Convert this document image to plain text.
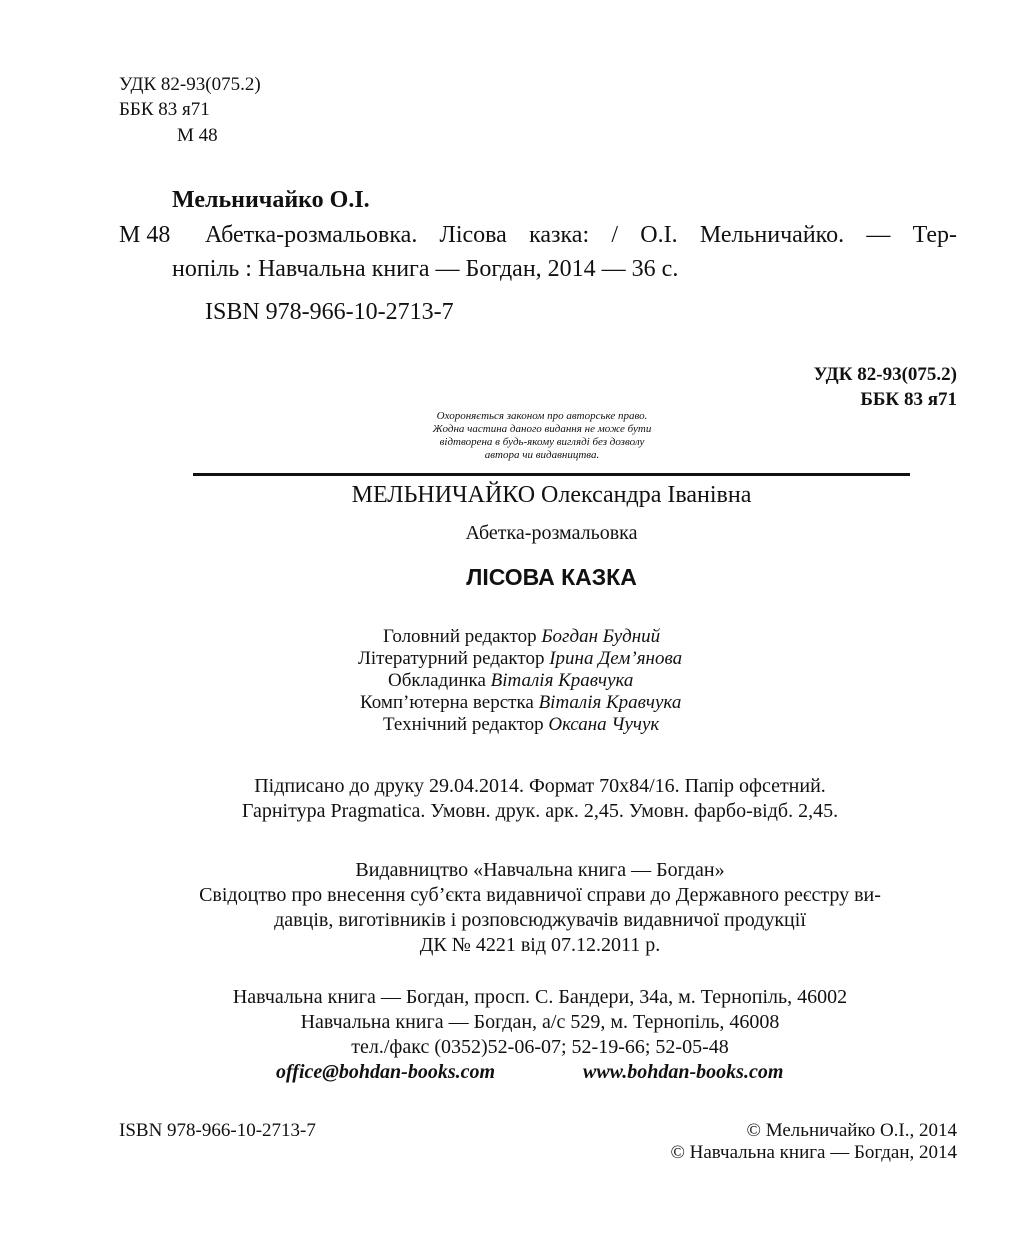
УДК 82-93(075.2)
ББК 83 я71
М 48
Мельничайко О.І.
М 48 Абетка-розмальовка. Лісова казка: / О.І. Мельничайко. — Тер-
нопіль : Навчальна книга — Богдан, 2014 — 36 с.
ISBN 978-966-10-2713-7
УДК 82-93(075.2)
ББК 83 я71
Охороняється законом про авторське право.
Жодна частина даного видання не може бути
відтворена в будь-якому вигляді без дозволу
автора чи видавництва.
МЕЛЬНИЧАЙКО Олександра Іванівна
Абетка-розмальовка
ЛІСОВА КАЗКА
Головний редактор Богдан Будний
Літературний редактор Ірина Дем’янова
Обкладинка Віталія Кравчука
Комп’ютерна верстка Віталія Кравчука
Технічний редактор Оксана Чучук
Підписано до друку 29.04.2014. Формат 70х84/16. Папір офсетний.
Гарнітура Pragmatica. Умовн. друк. арк. 2,45. Умовн. фарбо-відб. 2,45.
Видавництво «Навчальна книга — Богдан»
Свідоцтво про внесення суб’єкта видавничої справи до Державного реєстру ви-
давців, виготівників і розповсюджувачів видавничої продукції
ДК № 4221 від 07.12.2011 р.
Навчальна книга — Богдан, просп. С. Бандери, 34а, м. Тернопіль, 46002
Навчальна книга — Богдан, а/с 529, м. Тернопіль, 46008
тел./факс (0352)52-06-07; 52-19-66; 52-05-48
office@bohdan-books.com	www.bohdan-books.com
ISBN 978-966-10-2713-7	© Мельничайко О.І., 2014
© Навчальна книга — Богдан, 2014
